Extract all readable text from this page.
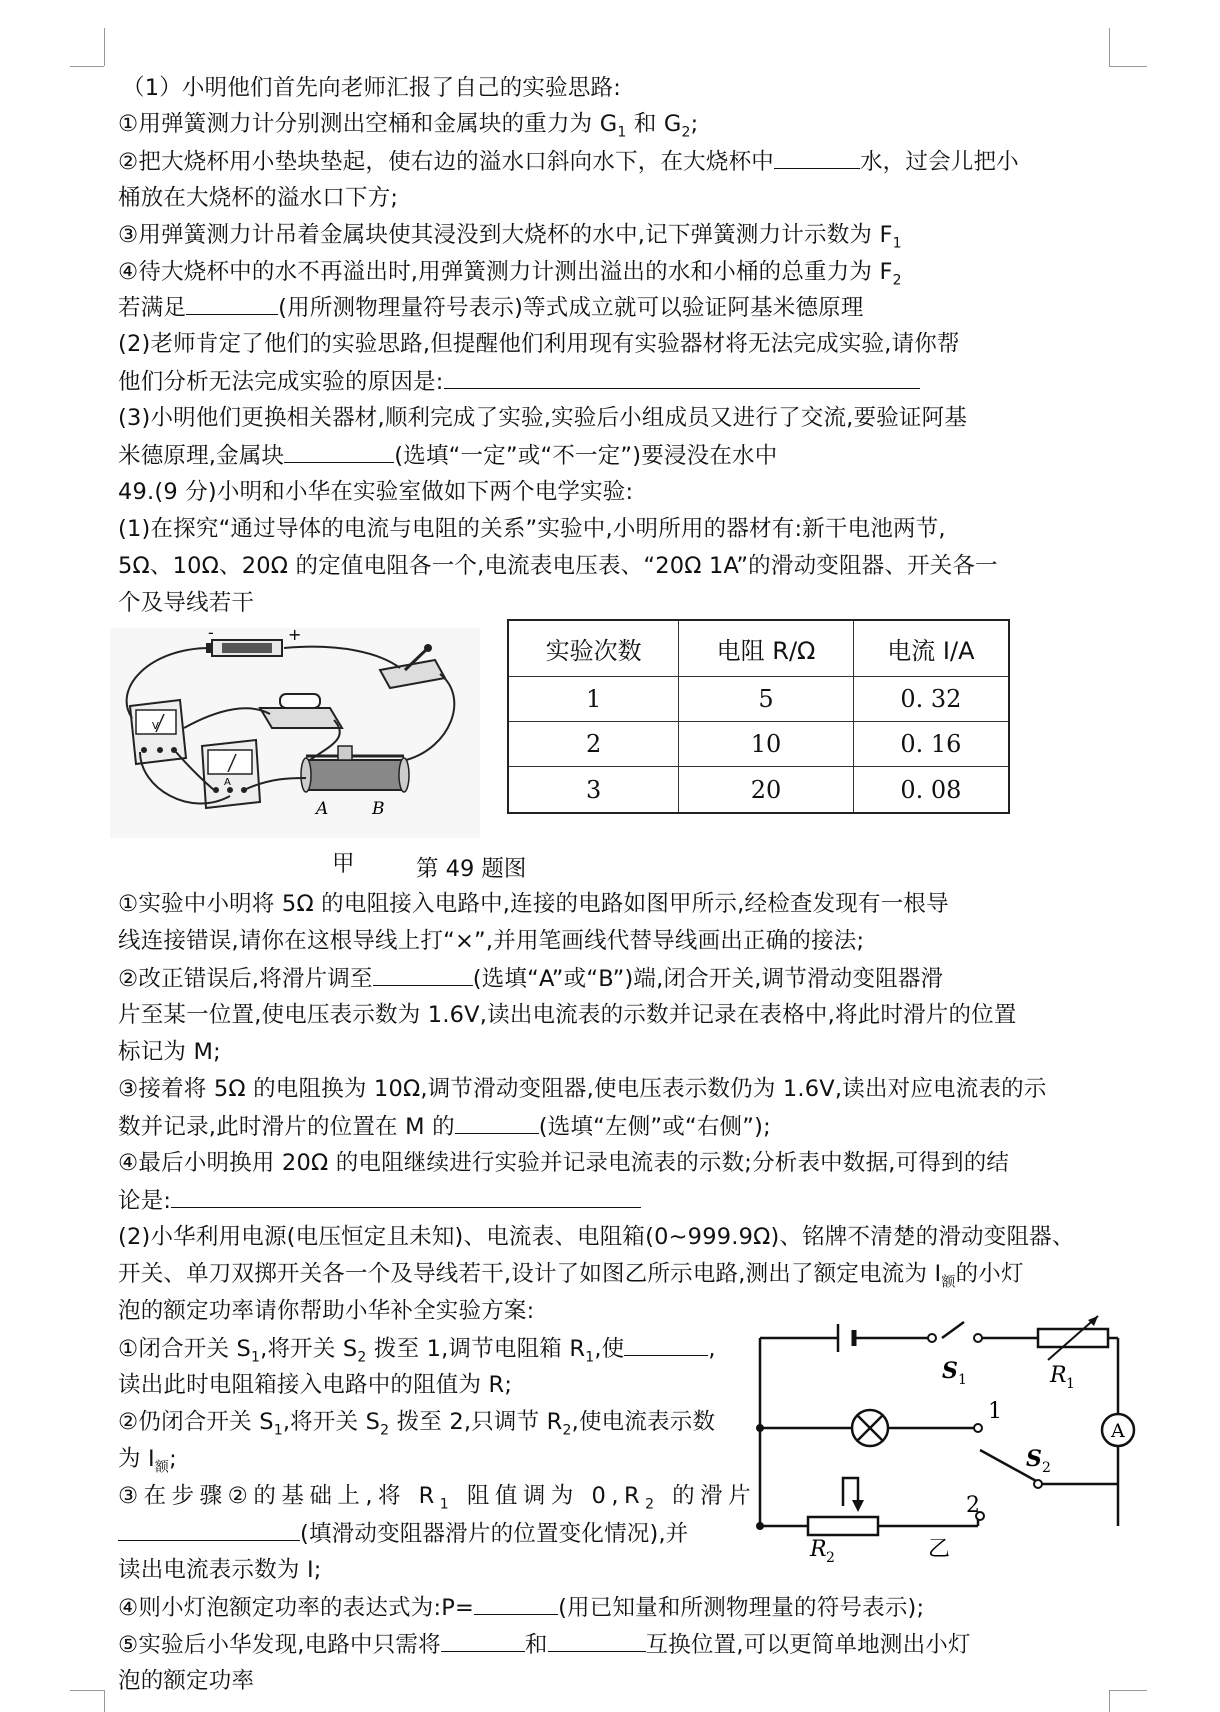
（1）小明他们首先向老师汇报了自己的实验思路:
①用弹簧测力计分别测出空桶和金属块的重力为 $G_1$ 和 $G_2$;
②把大烧杯用小垫块垫起，使右边的溢水口斜向水下，在大烧杯中	水，过会儿把小
桶放在大烧杯的溢水口下方;
③用弹簧测力计吊着金属块使其浸没到大烧杯的水中,记下弹簧测力计示数为 $F_1$
④待大烧杯中的水不再溢出时,用弹簧测力计测出溢出的水和小桶的总重力为 $F_2$
若满足	(用所测物理量符号表示)等式成立就可以验证阿基米德原理
(2)老师肯定了他们的实验思路,但提醒他们利用现有实验器材将无法完成实验,请你帮
他们分析无法完成实验的原因是:
(3)小明他们更换相关器材,顺利完成了实验,实验后小组成员又进行了交流,要验证阿基
米德原理,金属块	(选填“一定”或“不一定”)要浸没在水中
49.(9 分)小明和小华在实验室做如下两个电学实验:
(1)在探究“通过导体的电流与电阻的关系”实验中,小明所用的器材有:新干电池两节,
5Ω、10Ω、20Ω 的定值电阻各一个,电流表电压表、“20Ω 1A”的滑动变阻器、开关各一
个及导线若干
-	+
V
A
A	B
甲	第 49 题图
实验次数	电阻 R/Ω	电流 I/A
1	5	0. 32
2	10	0. 16
3	20	0. 08
①实验中小明将 5Ω 的电阻接入电路中,连接的电路如图甲所示,经检查发现有一根导
线连接错误,请你在这根导线上打“×”,并用笔画线代替导线画出正确的接法;
②改正错误后,将滑片调至	(选填“A”或“B”)端,闭合开关,调节滑动变阻器滑
片至某一位置,使电压表示数为 1.6V,读出电流表的示数并记录在表格中,将此时滑片的位置
标记为 M;
③接着将 5Ω 的电阻换为 10Ω,调节滑动变阻器,使电压表示数仍为 1.6V,读出对应电流表的示
数并记录,此时滑片的位置在 M 的	(选填“左侧”或“右侧”);
④最后小明换用 20Ω 的电阻继续进行实验并记录电流表的示数;分析表中数据,可得到的结
论是:
(2)小华利用电源(电压恒定且未知)、电流表、电阻箱(0~999.9Ω)、铭牌不清楚的滑动变阻器、
开关、单刀双掷开关各一个及导线若干,设计了如图乙所示电路,测出了额定电流为 $I_额$的小灯
泡的额定功率请你帮助小华补全实验方案:
①闭合开关 $S_1$,将开关 $S_2$ 拨至 1,调节电阻箱 $R_1$,使	,
读出此时电阻箱接入电路中的阻值为 R;
②仍闭合开关 $S_1$,将开关 $S_2$ 拨至 2,只调节 $R_2$,使电流表示数
为 $I_额$;
③在步骤②的基础上,将 $R_1$ 阻值调为 $0,R_2$ 的滑片
(填滑动变阻器滑片的位置变化情况),并
读出电流表示数为 I;
④则小灯泡额定功率的表达式为:P=	(用已知量和所测物理量的符号表示);
⑤实验后小华发现,电路中只需将	和	互换位置,可以更简单地测出小灯
泡的额定功率
A
S 1	R 1
1
S 2
2
R 2	乙
